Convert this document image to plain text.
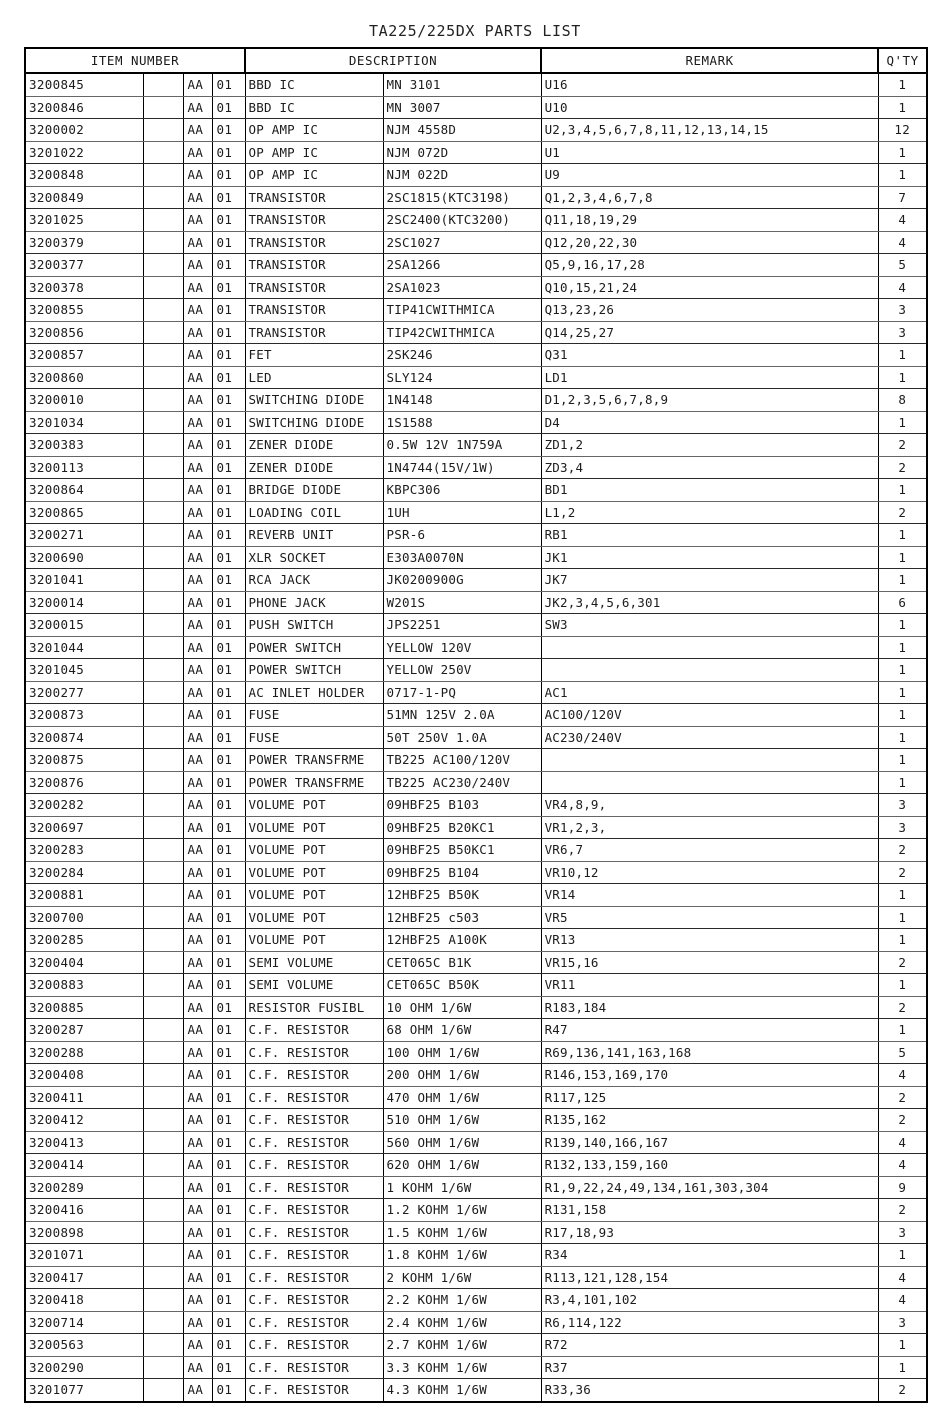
TA225/225DX PARTS LIST
ITEM NUMBER				DESCRIPTION		REMARK	Q'TY
3200845		AA	01	BBD IC	MN 3101	U16	1
3200846		AA	01	BBD IC	MN 3007	U10	1
3200002		AA	01	OP AMP IC	NJM 4558D	U2,3,4,5,6,7,8,11,12,13,14,15	12
3201022		AA	01	OP AMP IC	NJM 072D	U1	1
3200848		AA	01	OP AMP IC	NJM 022D	U9	1
3200849		AA	01	TRANSISTOR	2SC1815(KTC3198)	Q1,2,3,4,6,7,8	7
3201025		AA	01	TRANSISTOR	2SC2400(KTC3200)	Q11,18,19,29	4
3200379		AA	01	TRANSISTOR	2SC1027	Q12,20,22,30	4
3200377		AA	01	TRANSISTOR	2SA1266	Q5,9,16,17,28	5
3200378		AA	01	TRANSISTOR	2SA1023	Q10,15,21,24	4
3200855		AA	01	TRANSISTOR	TIP41CWITHMICA	Q13,23,26	3
3200856		AA	01	TRANSISTOR	TIP42CWITHMICA	Q14,25,27	3
3200857		AA	01	FET	2SK246	Q31	1
3200860		AA	01	LED	SLY124	LD1	1
3200010		AA	01	SWITCHING DIODE	1N4148	D1,2,3,5,6,7,8,9	8
3201034		AA	01	SWITCHING DIODE	1S1588	D4	1
3200383		AA	01	ZENER DIODE	0.5W 12V 1N759A	ZD1,2	2
3200113		AA	01	ZENER DIODE	1N4744(15V/1W)	ZD3,4	2
3200864		AA	01	BRIDGE DIODE	KBPC306	BD1	1
3200865		AA	01	LOADING COIL	1UH	L1,2	2
3200271		AA	01	REVERB UNIT	PSR-6	RB1	1
3200690		AA	01	XLR SOCKET	E303A0070N	JK1	1
3201041		AA	01	RCA JACK	JK0200900G	JK7	1
3200014		AA	01	PHONE JACK	W201S	JK2,3,4,5,6,301	6
3200015		AA	01	PUSH SWITCH	JPS2251	SW3	1
3201044		AA	01	POWER SWITCH	YELLOW 120V		1
3201045		AA	01	POWER SWITCH	YELLOW 250V		1
3200277		AA	01	AC INLET HOLDER	0717-1-PQ	AC1	1
3200873		AA	01	FUSE	51MN 125V 2.0A	AC100/120V	1
3200874		AA	01	FUSE	50T 250V 1.0A	AC230/240V	1
3200875		AA	01	POWER TRANSFRME	TB225 AC100/120V		1
3200876		AA	01	POWER TRANSFRME	TB225 AC230/240V		1
3200282		AA	01	VOLUME POT	09HBF25 B103	VR4,8,9,	3
3200697		AA	01	VOLUME POT	09HBF25 B20KC1	VR1,2,3,	3
3200283		AA	01	VOLUME POT	09HBF25 B50KC1	VR6,7	2
3200284		AA	01	VOLUME POT	09HBF25 B104	VR10,12	2
3200881		AA	01	VOLUME POT	12HBF25 B50K	VR14	1
3200700		AA	01	VOLUME POT	12HBF25 c503	VR5	1
3200285		AA	01	VOLUME POT	12HBF25 A100K	VR13	1
3200404		AA	01	SEMI VOLUME	CET065C B1K	VR15,16	2
3200883		AA	01	SEMI VOLUME	CET065C B50K	VR11	1
3200885		AA	01	RESISTOR FUSIBL	10 OHM 1/6W	R183,184	2
3200287		AA	01	C.F. RESISTOR	68 OHM 1/6W	R47	1
3200288		AA	01	C.F. RESISTOR	100 OHM 1/6W	R69,136,141,163,168	5
3200408		AA	01	C.F. RESISTOR	200 OHM 1/6W	R146,153,169,170	4
3200411		AA	01	C.F. RESISTOR	470 OHM 1/6W	R117,125	2
3200412		AA	01	C.F. RESISTOR	510 OHM 1/6W	R135,162	2
3200413		AA	01	C.F. RESISTOR	560 OHM 1/6W	R139,140,166,167	4
3200414		AA	01	C.F. RESISTOR	620 OHM 1/6W	R132,133,159,160	4
3200289		AA	01	C.F. RESISTOR	1 KOHM 1/6W	R1,9,22,24,49,134,161,303,304	9
3200416		AA	01	C.F. RESISTOR	1.2 KOHM 1/6W	R131,158	2
3200898		AA	01	C.F. RESISTOR	1.5 KOHM 1/6W	R17,18,93	3
3201071		AA	01	C.F. RESISTOR	1.8 KOHM 1/6W	R34	1
3200417		AA	01	C.F. RESISTOR	2 KOHM 1/6W	R113,121,128,154	4
3200418		AA	01	C.F. RESISTOR	2.2 KOHM 1/6W	R3,4,101,102	4
3200714		AA	01	C.F. RESISTOR	2.4 KOHM 1/6W	R6,114,122	3
3200563		AA	01	C.F. RESISTOR	2.7 KOHM 1/6W	R72	1
3200290		AA	01	C.F. RESISTOR	3.3 KOHM 1/6W	R37	1
3201077		AA	01	C.F. RESISTOR	4.3 KOHM 1/6W	R33,36	2
